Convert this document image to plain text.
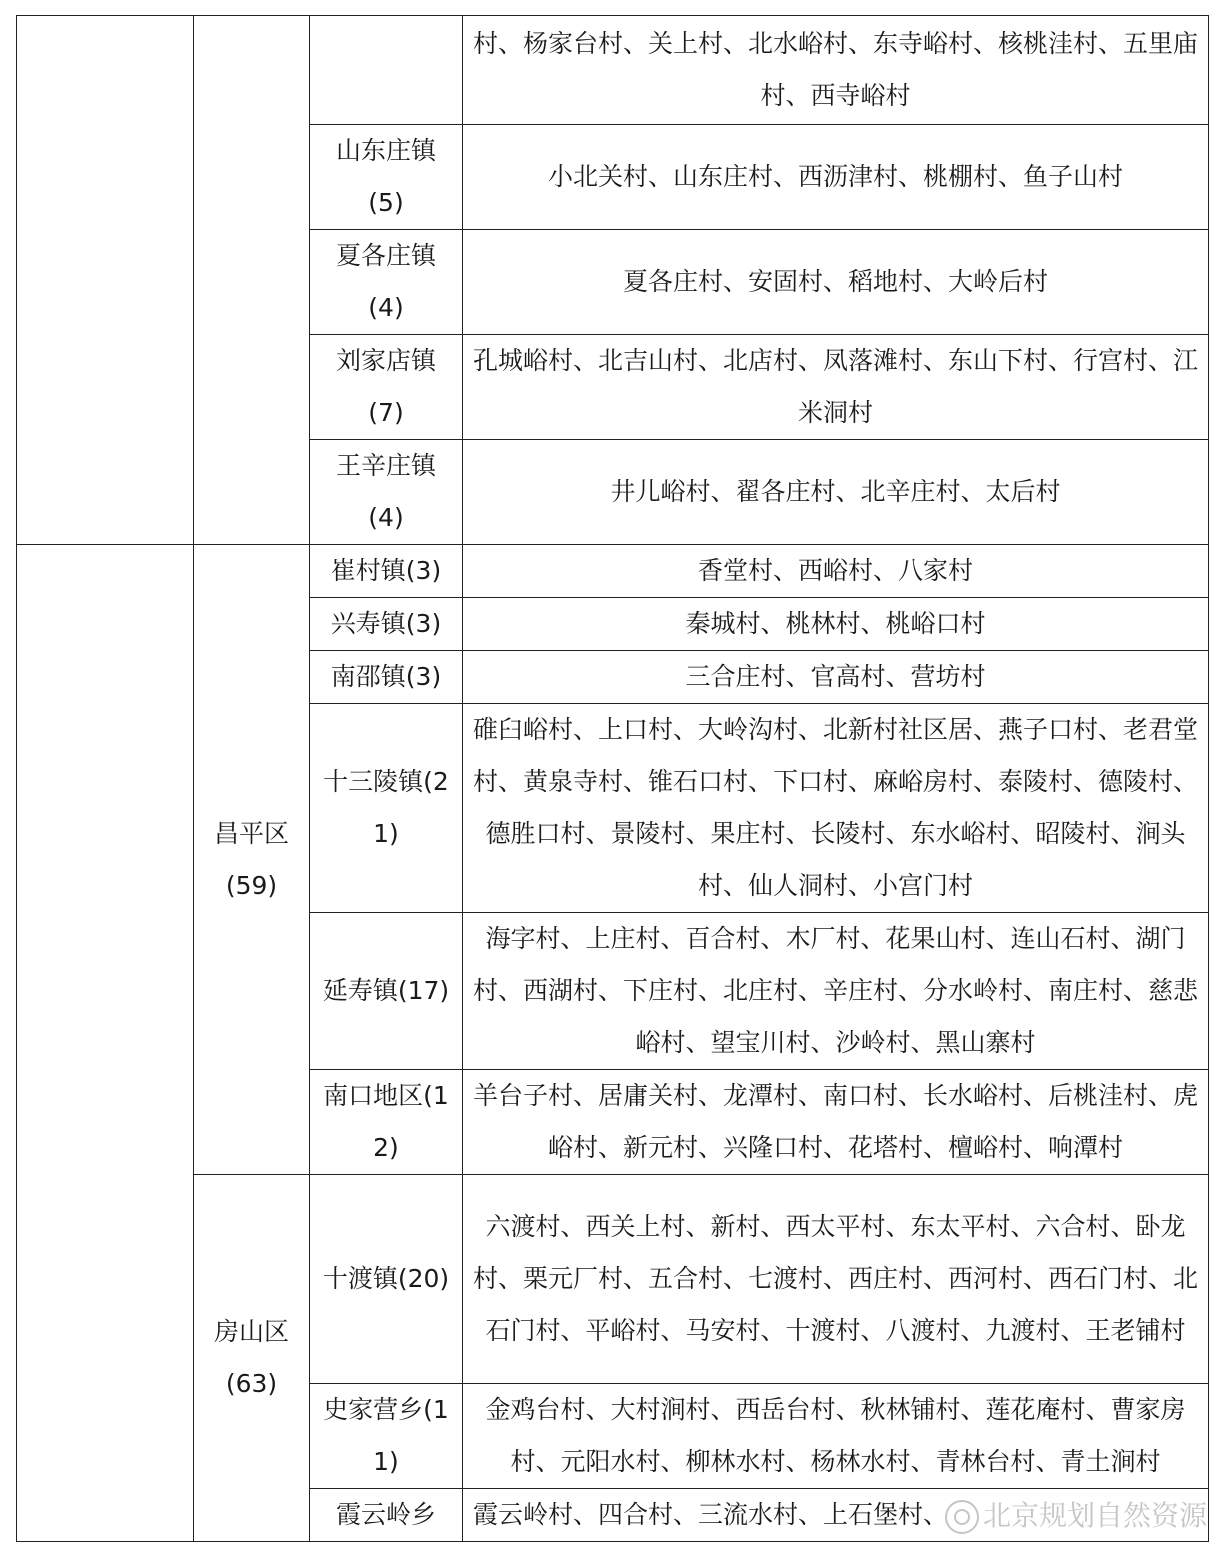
			村、杨家台村、关上村、北水峪村、东寺峪村、核桃洼村、五里庙村、西寺峪村
		山东庄镇(5)	小北关村、山东庄村、西沥津村、桃棚村、鱼子山村
		夏各庄镇(4)	夏各庄村、安固村、稻地村、大岭后村
		刘家店镇(7)	孔城峪村、北吉山村、北店村、凤落滩村、东山下村、行宫村、江米洞村
		王辛庄镇(4)	井儿峪村、翟各庄村、北辛庄村、太后村
	昌平区(59)	崔村镇(3)	香堂村、西峪村、八家村
		兴寿镇(3)	秦城村、桃林村、桃峪口村
		南邵镇(3)	三合庄村、官高村、营坊村
		十三陵镇(21)	碓臼峪村、上口村、大岭沟村、北新村社区居、燕子口村、老君堂村、黄泉寺村、锥石口村、下口村、麻峪房村、泰陵村、德陵村、德胜口村、景陵村、果庄村、长陵村、东水峪村、昭陵村、涧头村、仙人洞村、小宫门村
		延寿镇(17)	海字村、上庄村、百合村、木厂村、花果山村、连山石村、湖门村、西湖村、下庄村、北庄村、辛庄村、分水岭村、南庄村、慈悲峪村、望宝川村、沙岭村、黑山寨村
		南口地区(12)	羊台子村、居庸关村、龙潭村、南口村、长水峪村、后桃洼村、虎峪村、新元村、兴隆口村、花塔村、檀峪村、响潭村
	房山区(63)	十渡镇(20)	六渡村、西关上村、新村、西太平村、东太平村、六合村、卧龙村、栗元厂村、五合村、七渡村、西庄村、西河村、西石门村、北石门村、平峪村、马安村、十渡村、八渡村、九渡村、王老铺村
		史家营乡(11)	金鸡台村、大村涧村、西岳台村、秋林铺村、莲花庵村、曹家房村、元阳水村、柳林水村、杨林水村、青林台村、青土涧村
		霞云岭乡	霞云岭村、四合村、三流水村、上石堡村、	北京规划自然资源
